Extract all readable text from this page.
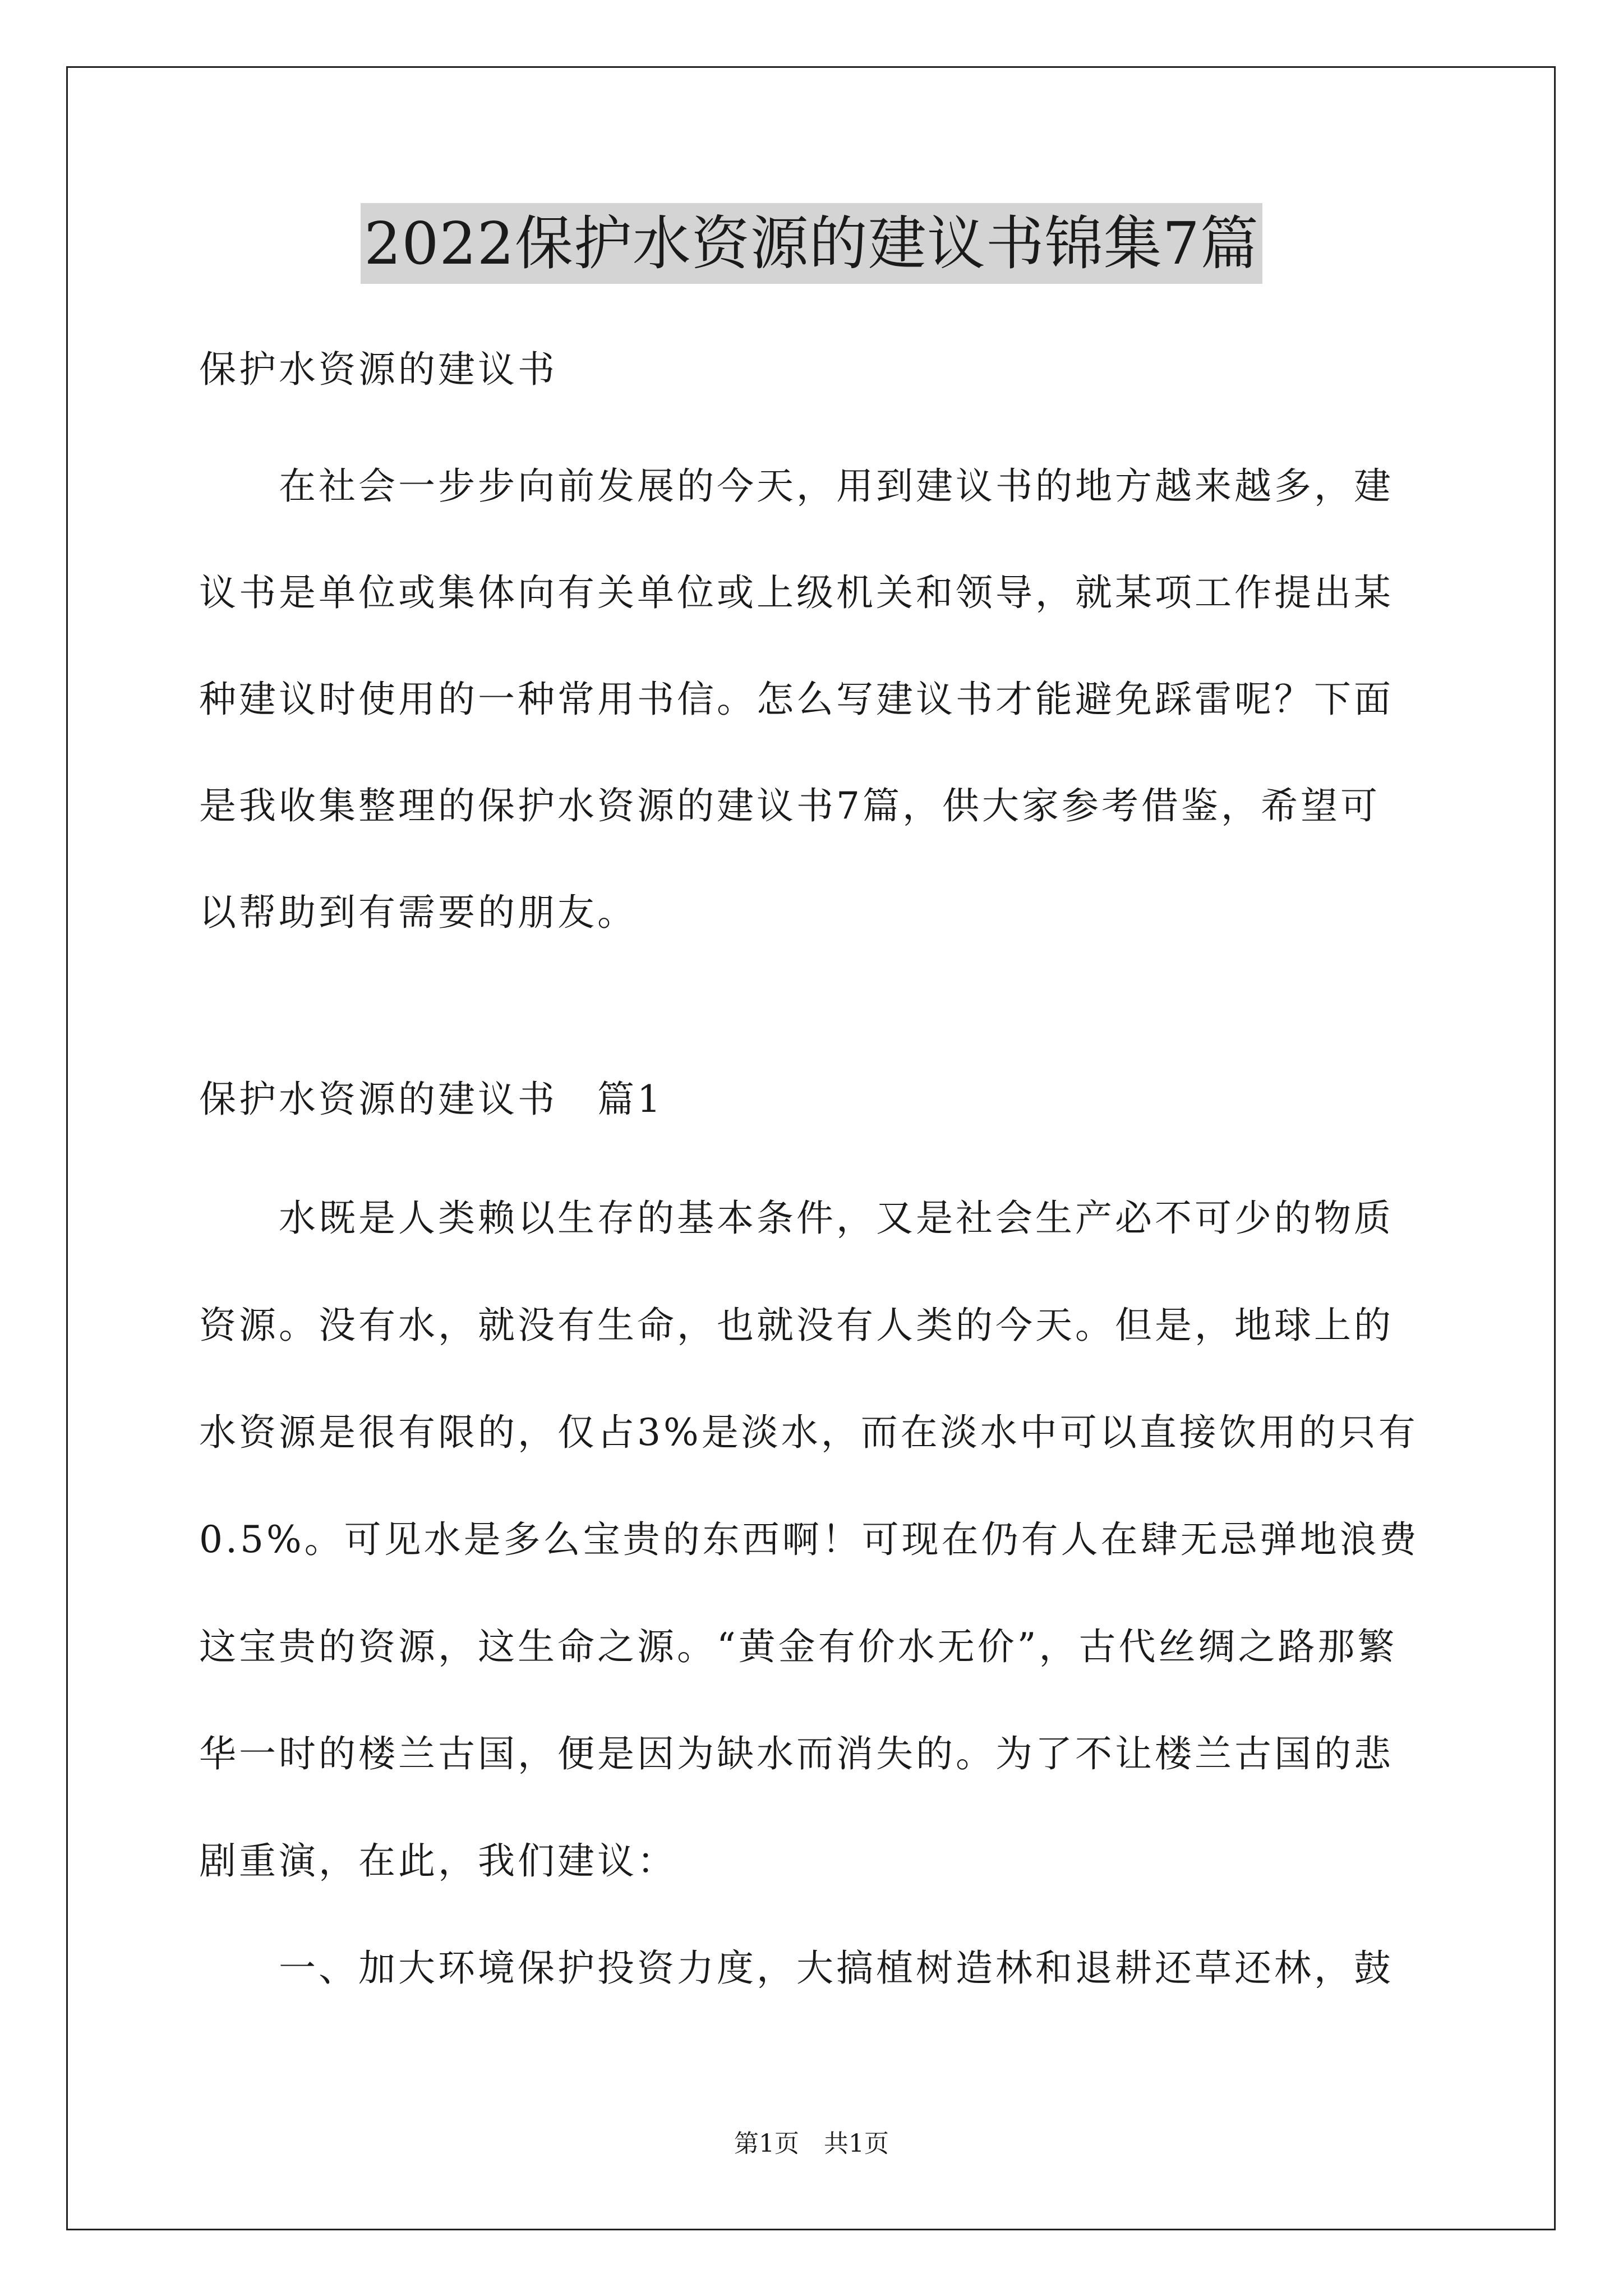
2022保护水资源的建议书锦集7篇
保护水资源的建议书
　　在社会一步步向前发展的今天，用到建议书的地方越来越多，建
议书是单位或集体向有关单位或上级机关和领导，就某项工作提出某
种建议时使用的一种常用书信。怎么写建议书才能避免踩雷呢？下面
是我收集整理的保护水资源的建议书7篇，供大家参考借鉴，希望可
以帮助到有需要的朋友。
保护水资源的建议书　篇1
　　水既是人类赖以生存的基本条件，又是社会生产必不可少的物质
资源。没有水，就没有生命，也就没有人类的今天。但是，地球上的
水资源是很有限的，仅占3%是淡水，而在淡水中可以直接饮用的只有
0.5%。可见水是多么宝贵的东西啊！可现在仍有人在肆无忌弹地浪费
这宝贵的资源，这生命之源。“黄金有价水无价”，古代丝绸之路那繁
华一时的楼兰古国，便是因为缺水而消失的。为了不让楼兰古国的悲
剧重演，在此，我们建议：
　　一、加大环境保护投资力度，大搞植树造林和退耕还草还林，鼓
第1页　共1页
